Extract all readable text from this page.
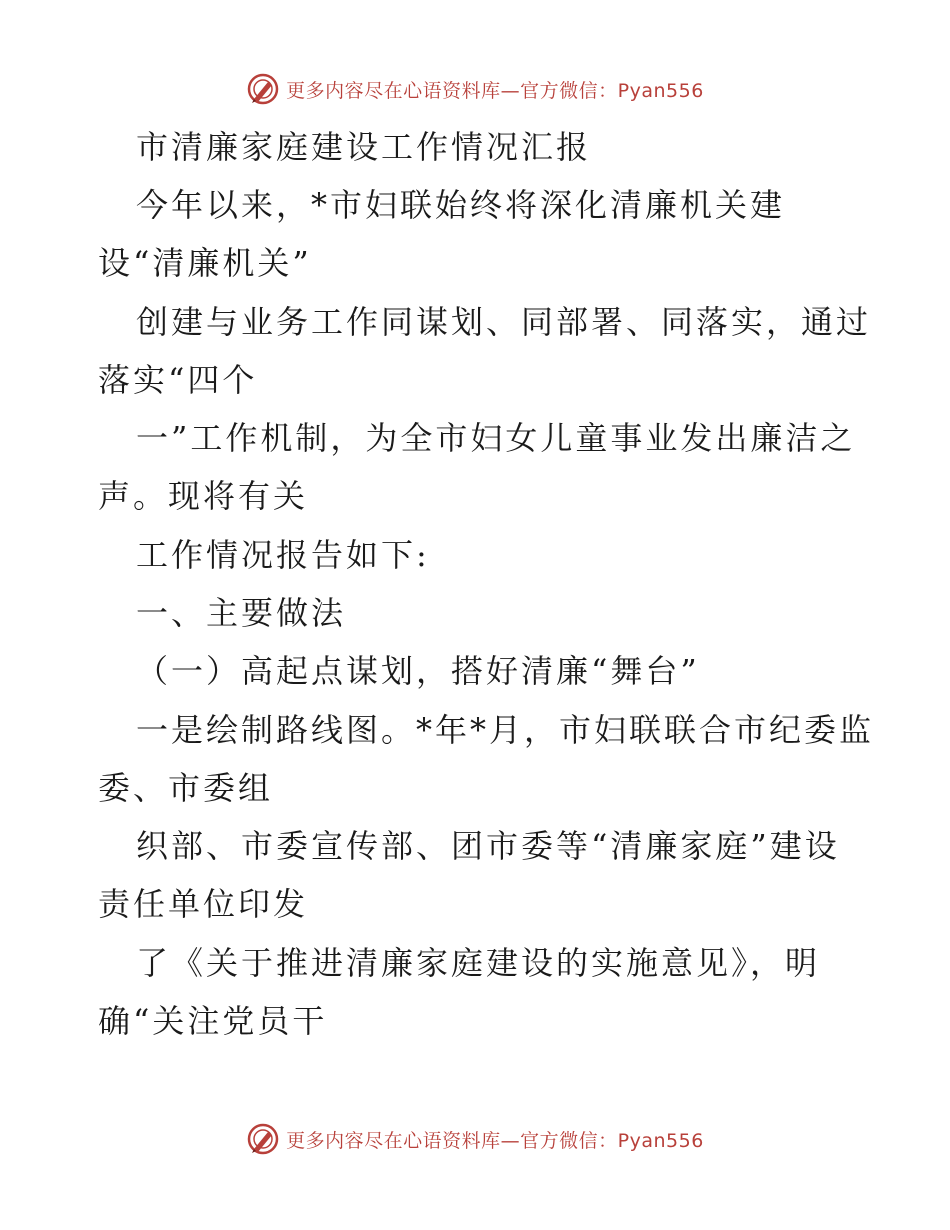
更多内容尽在心语资料库—官方微信：Pyan556
市清廉家庭建设工作情况汇报
今年以来，*市妇联始终将深化清廉机关建
设“清廉机关”
创建与业务工作同谋划、同部署、同落实，通过
落实“四个
一”工作机制，为全市妇女儿童事业发出廉洁之
声。现将有关
工作情况报告如下:
一、主要做法
（一）高起点谋划，搭好清廉“舞台”
一是绘制路线图。*年*月，市妇联联合市纪委监
委、市委组
织部、市委宣传部、团市委等“清廉家庭”建设
责任单位印发
了《关于推进清廉家庭建设的实施意见》，明
确“关注党员干
更多内容尽在心语资料库—官方微信：Pyan556
